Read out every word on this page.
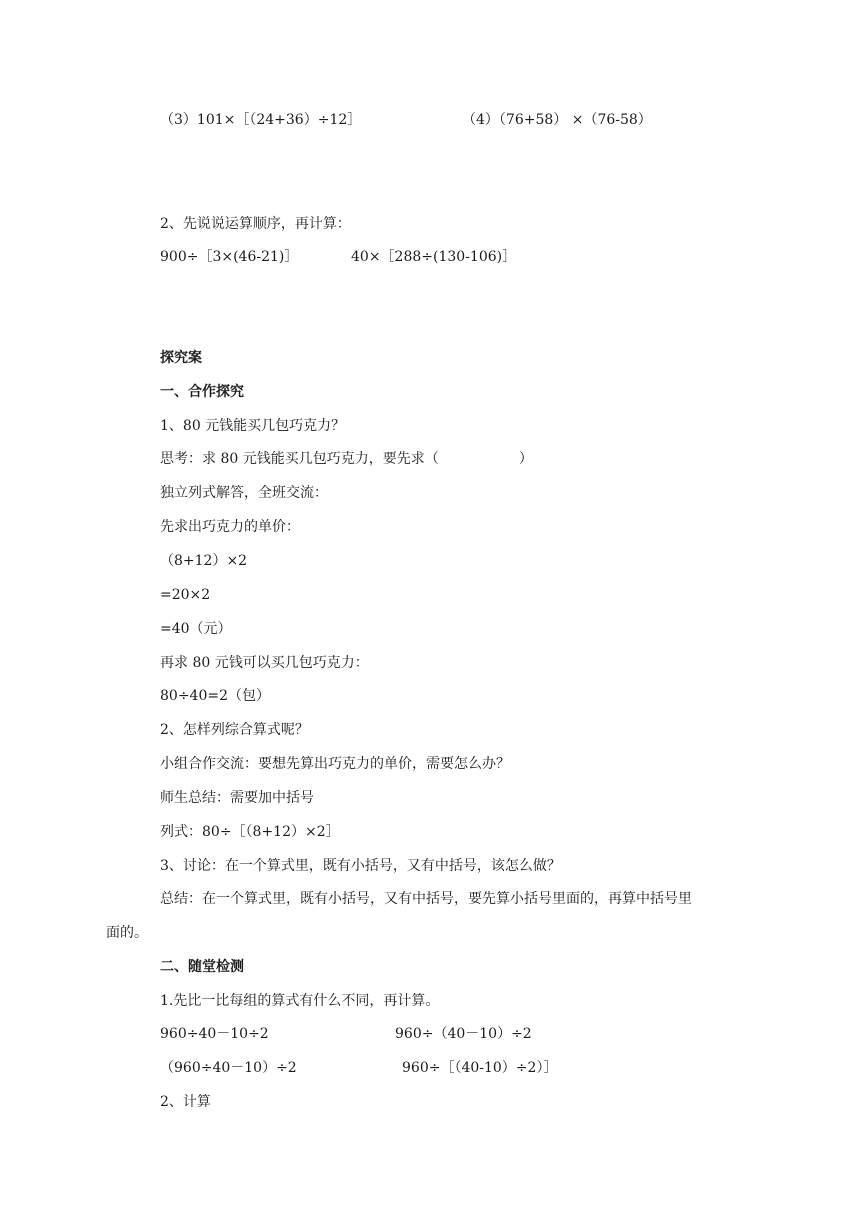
（3）101×［（24+36）÷12］	（4）（76+58） ×（76-58）
2、先说说运算顺序，再计算：
900÷［3×(46-21)］	40×［288÷(130-106)］
探究案
一、合作探究
1、80 元钱能买几包巧克力？
思考：求 80 元钱能买几包巧克力，要先求（                  ）
独立列式解答，全班交流：
先求出巧克力的单价：
（8+12）×2
=20×2
=40（元）
再求 80 元钱可以买几包巧克力：
80÷40=2（包）
2、怎样列综合算式呢？
小组合作交流：要想先算出巧克力的单价，需要怎么办？
师生总结：需要加中括号
列式：80÷［（8+12）×2］
3、讨论：在一个算式里，既有小括号，又有中括号，该怎么做？
总结：在一个算式里，既有小括号，又有中括号，要先算小括号里面的，再算中括号里
面的。
二、随堂检测
1.先比一比每组的算式有什么不同，再计算。
960÷40－10÷2	960÷（40－10）÷2
（960÷40－10）÷2	960÷［（40-10）÷2）］
2、计算
